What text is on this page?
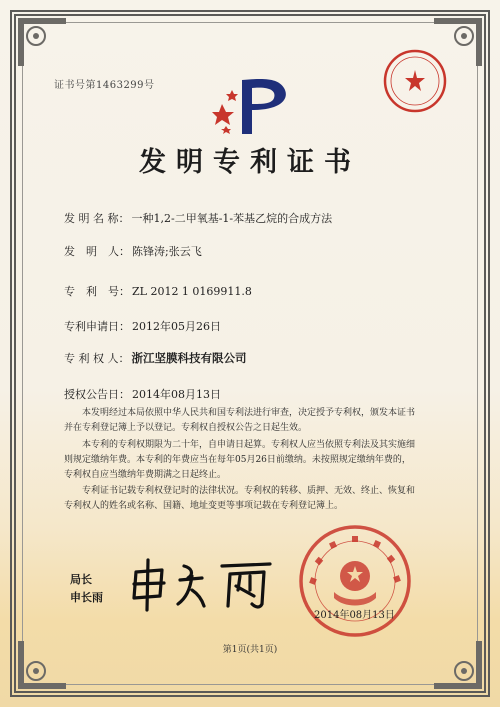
证书号第1463299号
发明专利证书
发 明 名 称： 一种1,2-二甲氧基-1-苯基乙烷的合成方法
发　明　人： 陈锋涛;张云飞
专　利　号： ZL 2012 1 0169911.8
专利申请日： 2012年05月26日
专 利 权 人： 浙江坚膜科技有限公司
授权公告日： 2014年08月13日
本发明经过本局依照中华人民共和国专利法进行审查，决定授予专利权，颁发本证书
并在专利登记簿上予以登记。专利权自授权公告之日起生效。
本专利的专利权期限为二十年，自申请日起算。专利权人应当依照专利法及其实施细
则规定缴纳年费。本专利的年费应当在每年05月26日前缴纳。未按照规定缴纳年费的，
专利权自应当缴纳年费期满之日起终止。
专利证书记载专利权登记时的法律状况。专利权的转移、质押、无效、终止、恢复和
专利权人的姓名或名称、国籍、地址变更等事项记载在专利登记簿上。
局长
申长雨
2014年08月13日
第1页(共1页)
